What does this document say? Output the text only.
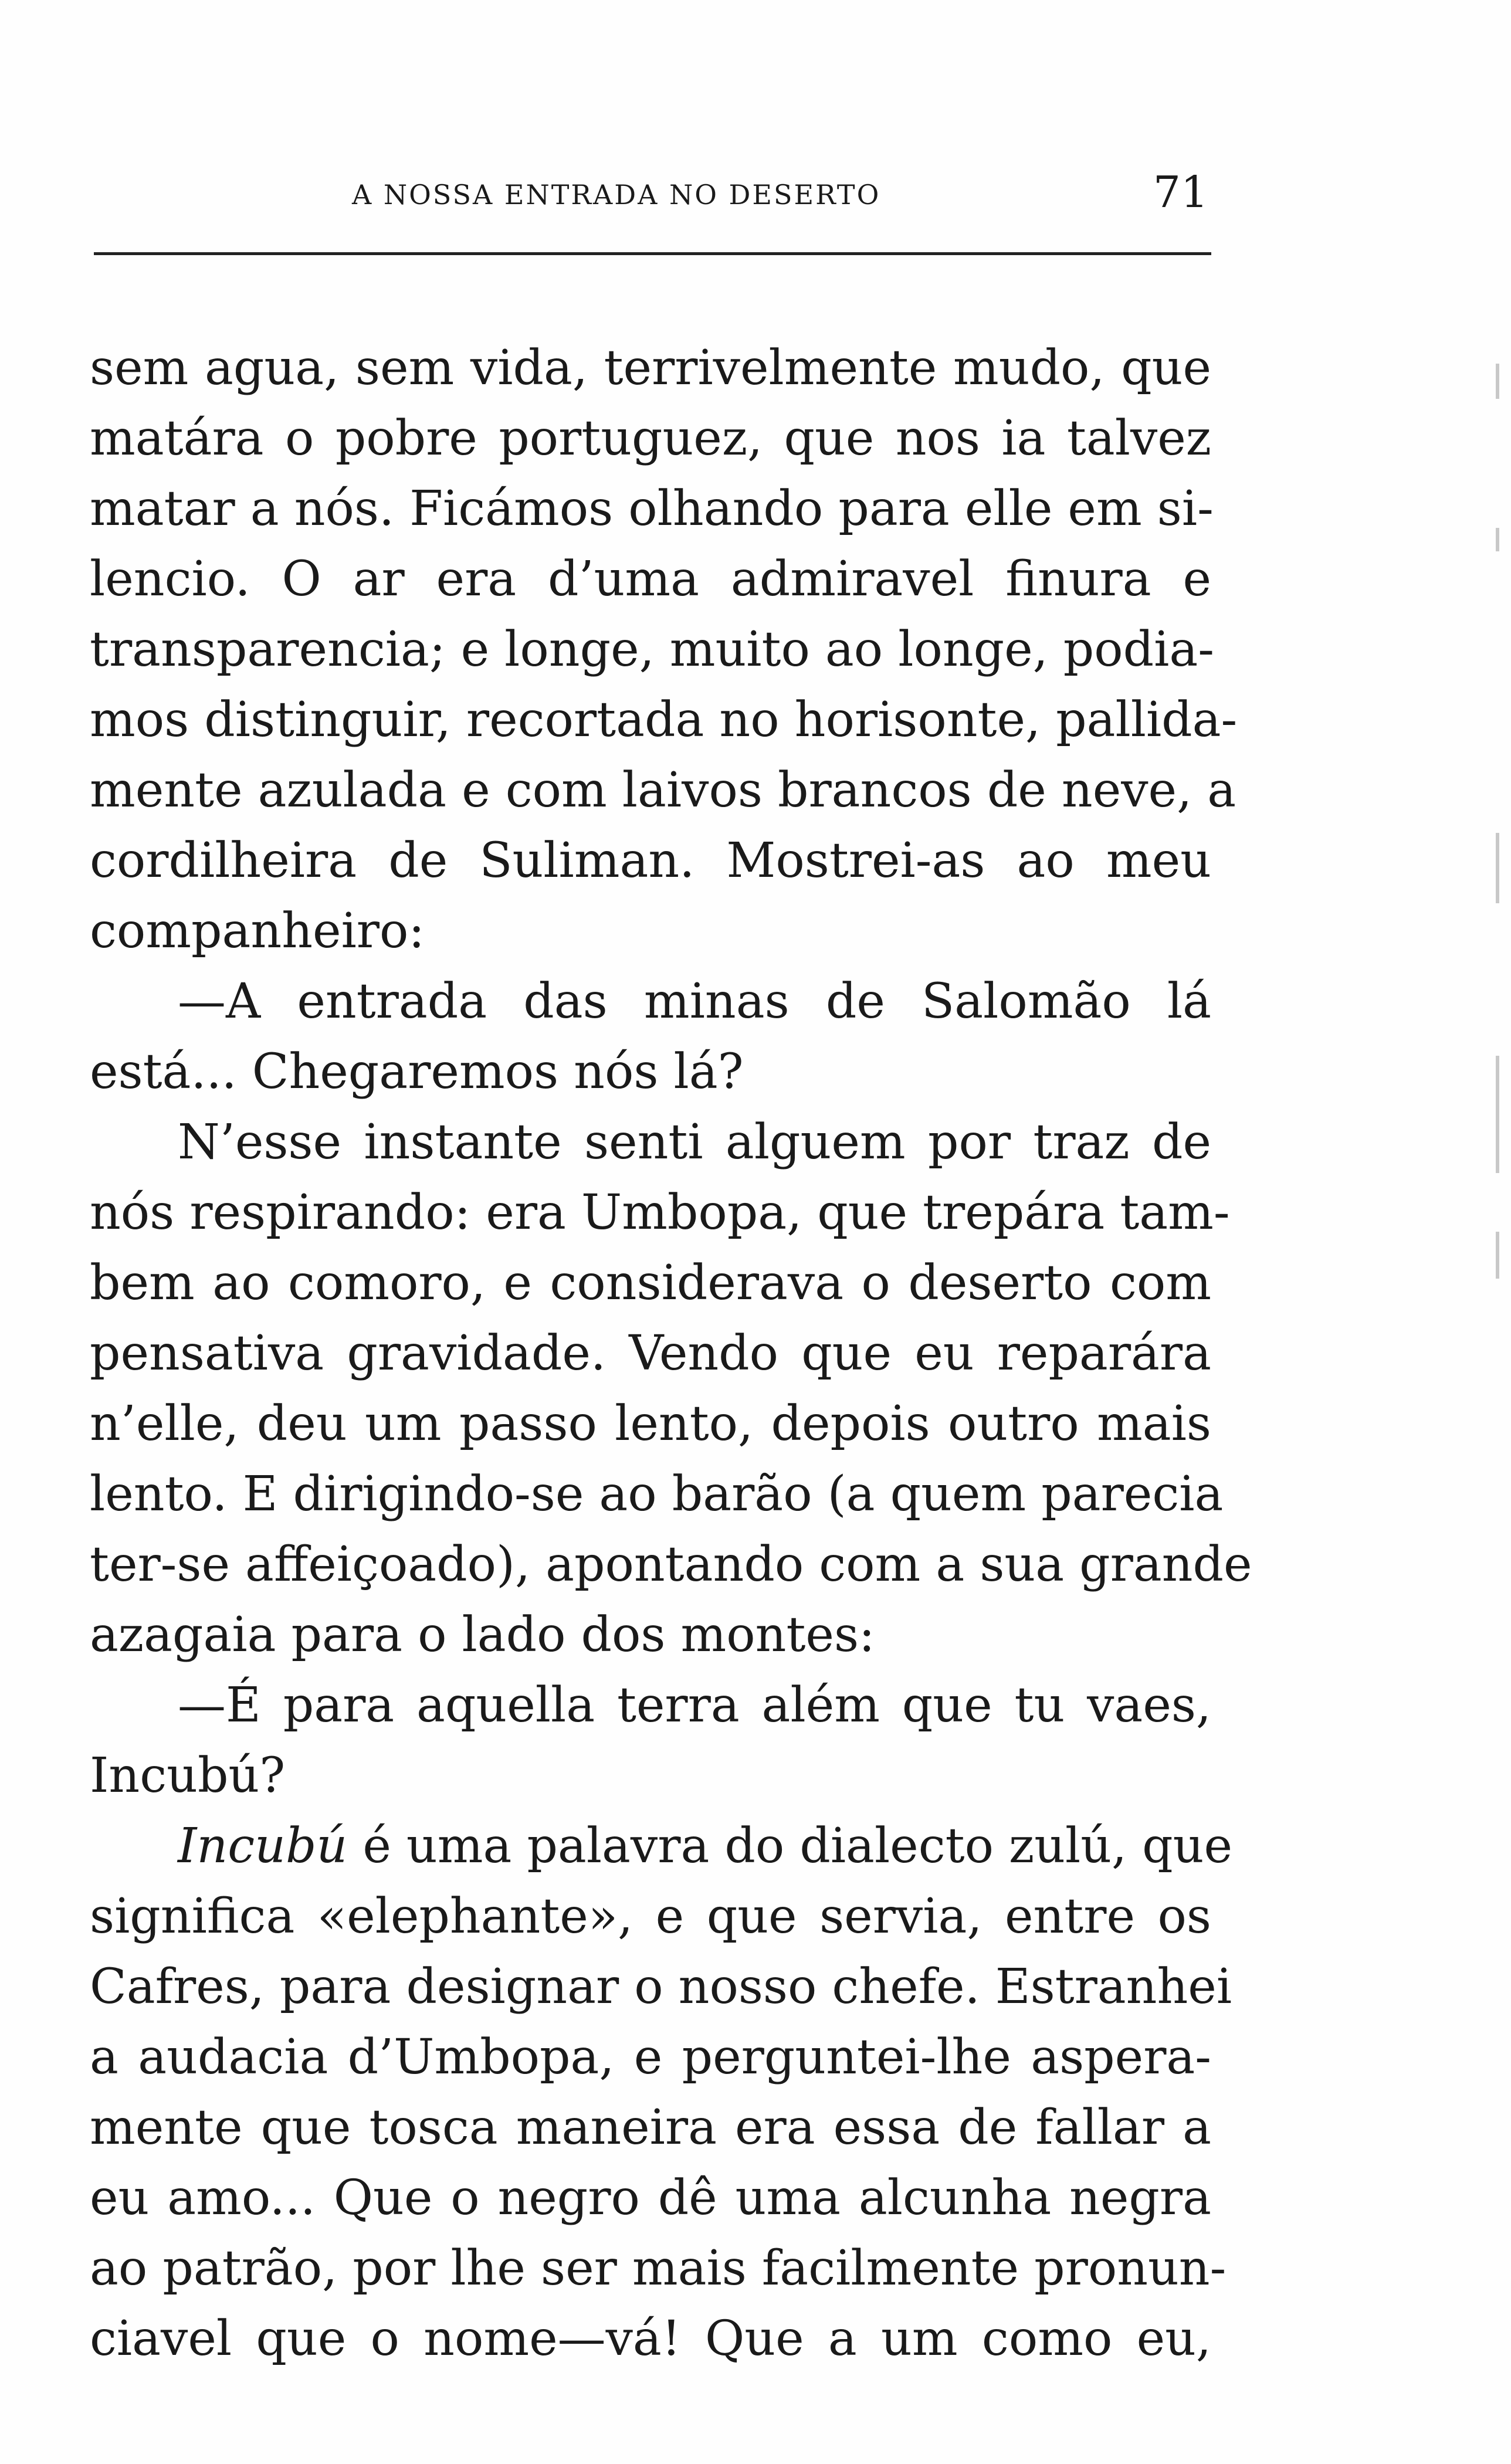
A NOSSA ENTRADA NO DESERTO	71
sem agua, sem vida, terrivelmente mudo, que
matára o pobre portuguez, que nos ia talvez
matar a nós. Ficámos olhando para elle em si-
lencio. O ar era d’uma admiravel finura e
transparencia; e longe, muito ao longe, podia-
mos distinguir, recortada no horisonte, pallida-
mente azulada e com laivos brancos de neve, a
cordilheira de Suliman. Mostrei-as ao meu
companheiro:
—A entrada das minas de Salomão lá
está... Chegaremos nós lá?
N’esse instante senti alguem por traz de
nós respirando: era Umbopa, que trepára tam-
bem ao comoro, e considerava o deserto com
pensativa gravidade. Vendo que eu reparára
n’elle, deu um passo lento, depois outro mais
lento. E dirigindo-se ao barão (a quem parecia
ter-se affeiçoado), apontando com a sua grande
azagaia para o lado dos montes:
—É para aquella terra além que tu vaes,
Incubú?
Incubú é uma palavra do dialecto zulú, que
significa «elephante», e que servia, entre os
Cafres, para designar o nosso chefe. Estranhei
a audacia d’Umbopa, e perguntei-lhe aspera-
mente que tosca maneira era essa de fallar a
eu amo... Que o negro dê uma alcunha negra
ao patrão, por lhe ser mais facilmente pronun-
ciavel que o nome—vá! Que a um como eu,
